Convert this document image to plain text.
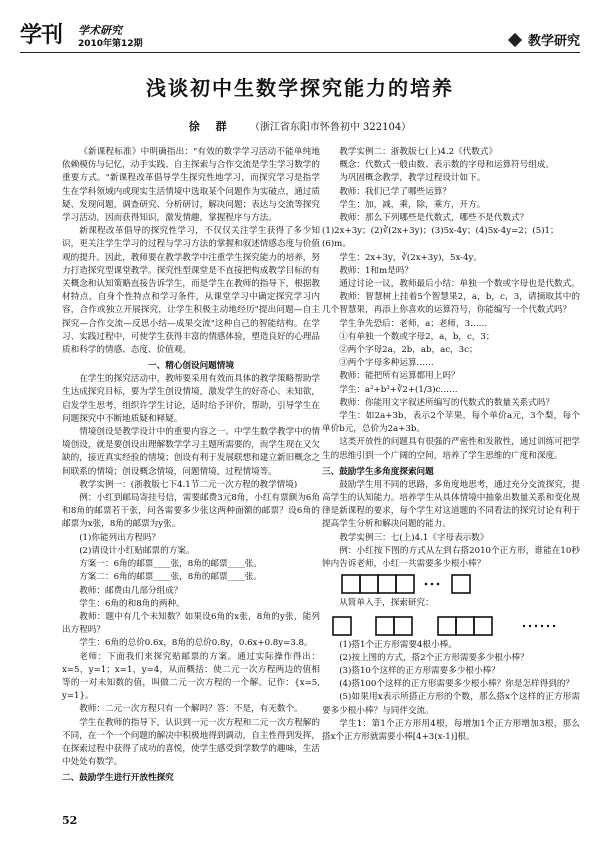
学刊 学术研究
2010年第12期	教学研究
浅谈初中生数学探究能力的培养
徐 群 （浙江省东阳市怀鲁初中 322104）

《新课程标准》中明确指出："有效的数学学习活动不能单纯地依赖模仿与记忆，动手实践、自主探索与合作交流是学生学习数学的重要方式。"新课程改革倡导学生探究性地学习，而探究学习是指学生在学科领域内或现实生活情境中选取某个问题作为实破点，通过质疑、发现问题，调查研究、分析研讨，解决问题；表达与交流等探究学习活动，因而获得知识，激发情趣，掌握程序与方法。

新课程改革倡导的探究性学习，不仅仅关注学生获得了多少知识，更关注学生学习的过程与学习方法的掌握和叙述情感态度与价值观的提升。因此，教师要在教学教学中注重学生探究能力的培养，努力打造探究型课堂教学。探究性型课堂是不直接把构成教学目标的有关概念和认知策略直接告诉学生，而是学生在教师的指导下，根据教材特点，自身个性特点和学习条件，从课堂学习中确定探究学习内容，合作或独立开展探究，让学生积极主动地经历"提出问题—自主探究—合作交流—反思小结—成果交流"这种自己的智能结构。在学习、实践过程中，可使学生获得丰富的情感体验，塑造良好的心理品质和科学的情感、态度、价值观。

一、精心创设问题情境

在学生的探究活动中，教师要采用有效而具体的教学策略帮助学生达成探究目标，要为学生创设情境，激发学生的好奇心、未知欲，启发学生思考，组织许学生讨论，适时给予评价，帮助，引导学生在问题探究中不断地质疑和释疑。

情境创设是教学设计中的重要内容之一。中学生数学教学中的情境创设，就是要创设出理解数学学习主题所需要的，而学生现在又欠缺的，接近真实经验的情境；创设有利于发展联想和建立新旧概念之间联系的情境；创设概念情境，问题情境，过程情境等。

教学实例一：(浙教版七下4.1节二元一次方程的教学情境)

例：小红到邮局寄挂号信，需要邮费3元8角，小红有票额为6角和8角的邮票若干张，问各需要多少张这两种面额的邮票？设6角的邮票为x张，8角的邮票为y张。

(1)你能列出方程吗？

(2)请设计小红贴邮票的方案。

方案一：6角的邮票____张，8角的邮票____张。

方案二：6角的邮票____张，8角的邮票____张。

教师：邮费由几部分组成？

学生：6角的和8角的两种。

教师：题中有几个未知数？如果设6角的x张，8角的y张，能列出方程吗？

学生：6角的总价0.6x，8角的总价0.8y，0.6x+0.8y=3.8。

老师：下面我们来探究贴邮票的方案。通过实际操作得出：x=5，y=1；x=1，y=4，从而概括：使二元一次方程两边的值相等的一对未知数的值，叫做二元一次方程的一个解。记作：{x=5, y=1}。

教师：二元一次方程只有一个解吗？答：不是，有无数个。

学生在教师的指导下，认识到一元一次方程和二元一次方程解的不同，在一个一个问题的解决中积极地得到调动，自主性得到发挥，在探索过程中获得了成功的喜悦，使学生感受到学数学的趣味，生活中处处有数学。

二、鼓励学生进行开放性探究

教学实例二：浙教版七(上)4.2《代数式》

概念：代数式一般由数、表示数的字母和运算符号组成。

为巩固概念教学，教学过程设计如下。

教师：我们已学了哪些运算？

学生：加，减，乘，除，乘方，开方。

教师：那么下列哪些是代数式，哪些不是代数式？

(1)2x+3y；(2)∛(2x+3y)；(3)5x-4y；(4)5x-4y=2；(5)1；(6)m。

学生：2x+3y，∛(2x+3y)，5x-4y。

教师：1和m是吗？

通过讨论一议，教师最后小结：单独一个数或字母也是代数式。

教师：智慧树上挂着5个智慧果2，a，b，c，3，请摘取其中的几个智慧果，再添上你喜欢的运算符号，你能编写一个代数式吗？

学生争先恐后：老师，a；老师，3……

①有单独一个数或字母2，a，b，c，3；

②两个字母2a，2b，ab，ac，3c；

③两个字母多种运算……

教师：能把所有运算都用上吗？

学生：a²+b³+∛2+(1/3)c……

教师：你能用文字叙述所编写的代数式的数量关系式吗？

学生：如2a+3b，表示2个苹果，每个单价a元，3个梨，每个单价b元，总价为2a+3b。

这类开放性的问题具有很强的严密性和发散性，通过训练可把学生的思维引到一个广阔的空间，培养了学生思维的广度和深度。

三、鼓励学生多角度探索问题

鼓励学生用不同的思路，多角度地思考，通过充分交流探究，提高学生的认知能力。培养学生从具体情境中抽象出数量关系和变化规律是新课程的要求，每个学生对这道题的不同看法的探究讨论有利于提高学生分析和解决问题的能力。

教学实例三：七(上)4.1《字母表示数》

例：小红按下图的方式从左到右搭2010个正方形，谁能在10秒钟内告诉老师，小红一共需要多少根小棒？

从简单入手，探索研究：

(1)搭1个正方形需要4根小棒。

(2)按上图的方式，搭2个正方形需要多少根小棒？

(3)搭10个这样的正方形需要多少根小棒？

(4)搭100个这样的正方形需要多少根小棒？你是怎样得到的？

(5)如果用x表示所搭正方形的个数，那么搭x个这样的正方形需要多少根小棒？与同伴交流。

学生1：第1个正方形用4根，每增加1个正方形增加3根，那么搭x个正方形就需要小棒[4+3(x-1)]根。

52
